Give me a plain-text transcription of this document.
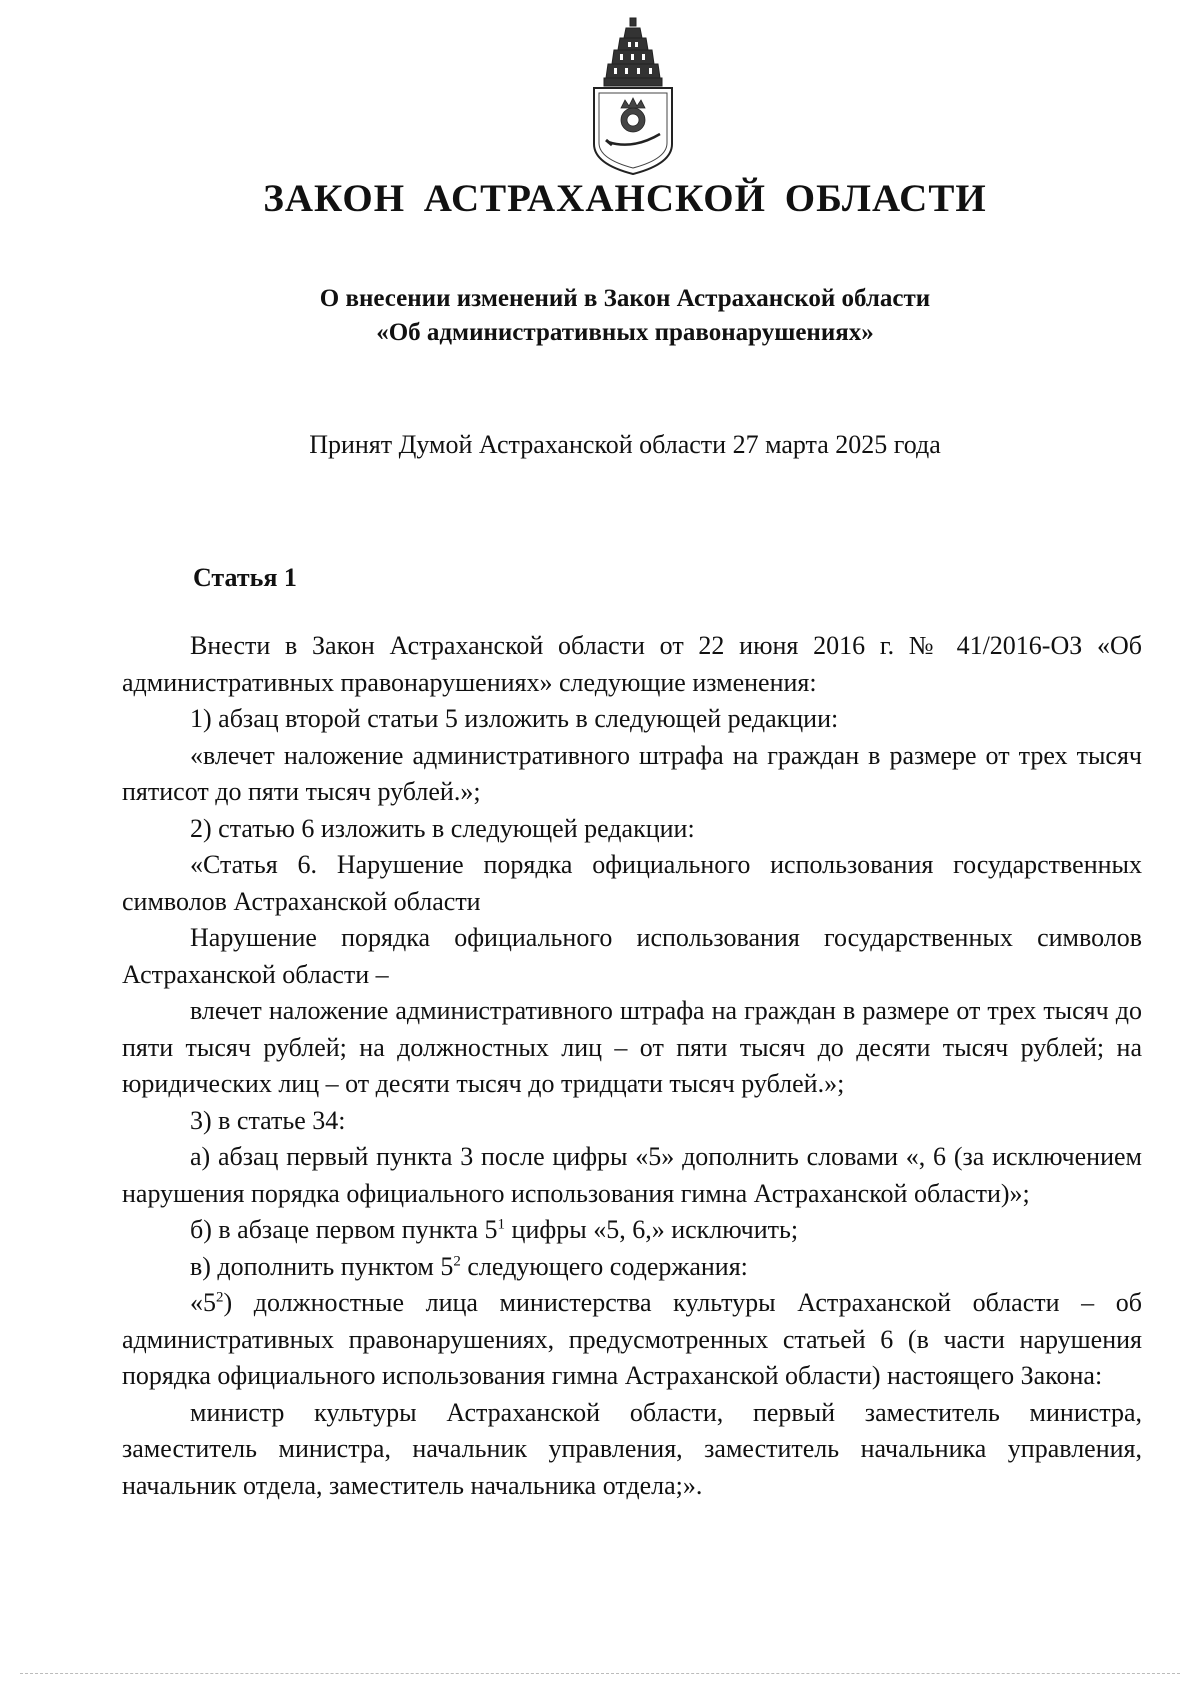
ЗАКОН АСТРАХАНСКОЙ ОБЛАСТИ
О внесении изменений в Закон Астраханской области
«Об административных правонарушениях»

Принят Думой Астраханской области 27 марта 2025 года

Статья 1

Внести в Закон Астраханской области от 22 июня 2016 г. № 41/2016-ОЗ «Об административных правонарушениях» следующие изменения:

1) абзац второй статьи 5 изложить в следующей редакции:

«влечет наложение административного штрафа на граждан в размере от трех тысяч пятисот до пяти тысяч рублей.»;

2) статью 6 изложить в следующей редакции:

«Статья 6. Нарушение порядка официального использования государственных символов Астраханской области

Нарушение порядка официального использования государственных символов Астраханской области –

влечет наложение административного штрафа на граждан в размере от трех тысяч до пяти тысяч рублей; на должностных лиц – от пяти тысяч до десяти тысяч рублей; на юридических лиц – от десяти тысяч до тридцати тысяч рублей.»;

3) в статье 34:

а) абзац первый пункта 3 после цифры «5» дополнить словами «, 6 (за исключением нарушения порядка официального использования гимна Астраханской области)»;

б) в абзаце первом пункта $5^1$ цифры «5, 6,» исключить;

в) дополнить пунктом $5^2$ следующего содержания:

«$5^2$) должностные лица министерства культуры Астраханской области – об административных правонарушениях, предусмотренных статьей 6 (в части нарушения порядка официального использования гимна Астраханской области) настоящего Закона:

министр культуры Астраханской области, первый заместитель министра, заместитель министра, начальник управления, заместитель начальника управления, начальник отдела, заместитель начальника отдела;».
